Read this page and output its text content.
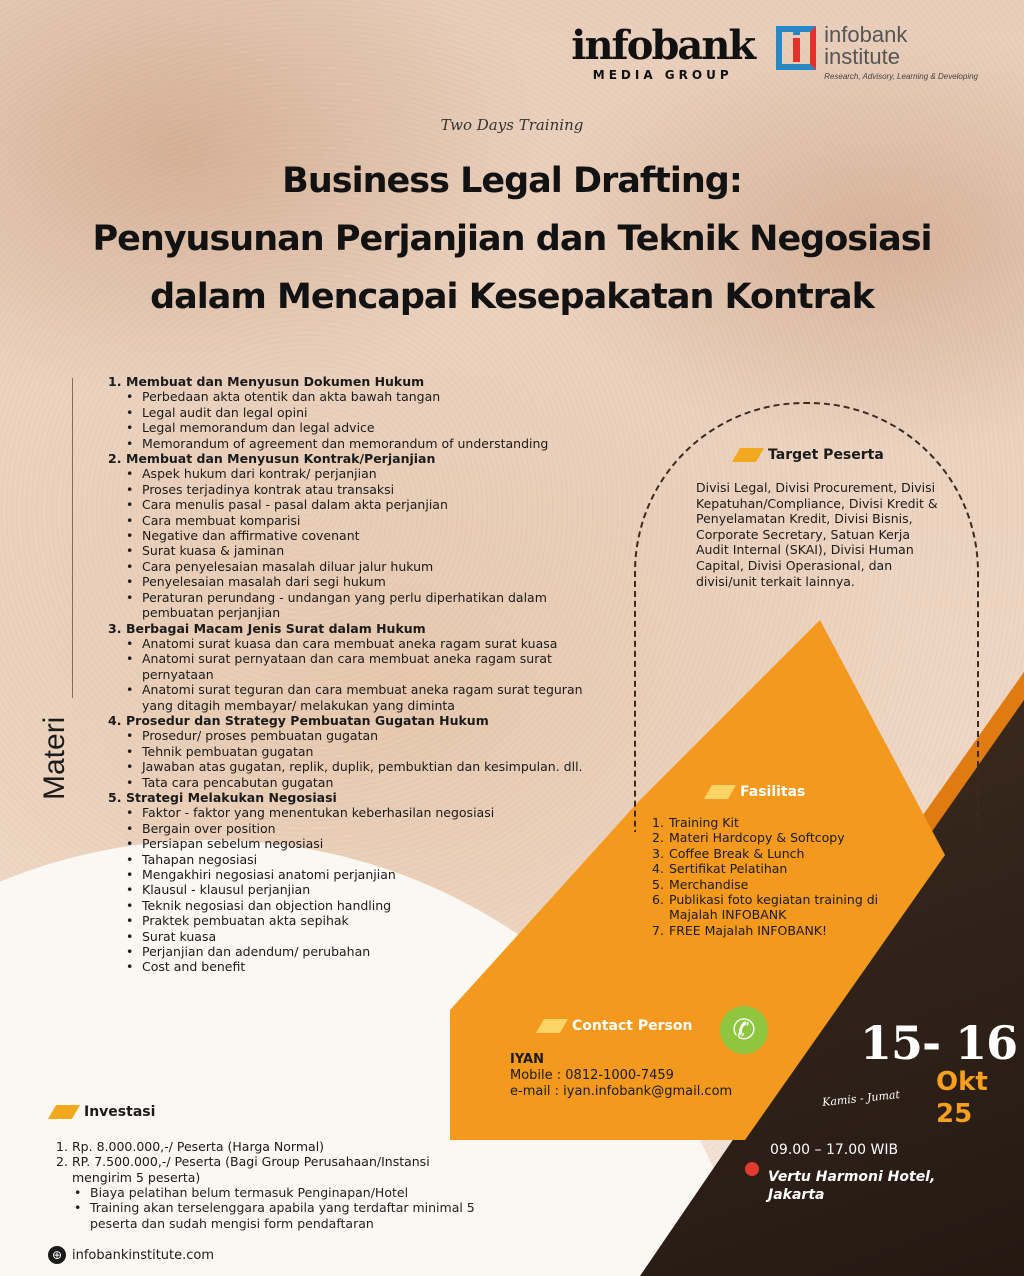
infobank
MEDIA GROUP
infobank
institute
Research, Advisory, Learning & Developing
Two Days Training
Business Legal Drafting:
Penyusunan Perjanjian dan Teknik Negosiasi
dalam Mencapai Kesepakatan Kontrak
Materi
1. Membuat dan Menyusun Dokumen Hukum
• Perbedaan akta otentik dan akta bawah tangan
• Legal audit dan legal opini
• Legal memorandum dan legal advice
• Memorandum of agreement dan memorandum of understanding
2. Membuat dan Menyusun Kontrak/Perjanjian
• Aspek hukum dari kontrak/ perjanjian
• Proses terjadinya kontrak atau transaksi
• Cara menulis pasal - pasal dalam akta perjanjian
• Cara membuat komparisi
• Negative dan affirmative covenant
• Surat kuasa & jaminan
• Cara penyelesaian masalah diluar jalur hukum
• Penyelesaian masalah dari segi hukum
• Peraturan perundang - undangan yang perlu diperhatikan dalam pembuatan perjanjian
3. Berbagai Macam Jenis Surat dalam Hukum
• Anatomi surat kuasa dan cara membuat aneka ragam surat kuasa
• Anatomi surat pernyataan dan cara membuat aneka ragam surat pernyataan
• Anatomi surat teguran dan cara membuat aneka ragam surat teguran yang ditagih membayar/ melakukan yang diminta
4. Prosedur dan Strategy Pembuatan Gugatan Hukum
• Prosedur/ proses pembuatan gugatan
• Tehnik pembuatan gugatan
• Jawaban atas gugatan, replik, duplik, pembuktian dan kesimpulan. dll.
• Tata cara pencabutan gugatan
5. Strategi Melakukan Negosiasi
• Faktor - faktor yang menentukan keberhasilan negosiasi
• Bergain over position
• Persiapan sebelum negosiasi
• Tahapan negosiasi
• Mengakhiri negosiasi anatomi perjanjian
• Klausul - klausul perjanjian
• Teknik negosiasi dan objection handling
• Praktek pembuatan akta sepihak
• Surat kuasa
• Perjanjian dan adendum/ perubahan
• Cost and benefit
Target Peserta
Divisi Legal, Divisi Procurement, Divisi Kepatuhan/Compliance, Divisi Kredit & Penyelamatan Kredit, Divisi Bisnis, Corporate Secretary, Satuan Kerja Audit Internal (SKAI), Divisi Human Capital, Divisi Operasional, dan divisi/unit terkait lainnya.
Fasilitas
1. Training Kit
2. Materi Hardcopy & Softcopy
3. Coffee Break & Lunch
4. Sertifikat Pelatihan
5. Merchandise
6. Publikasi foto kegiatan training di Majalah INFOBANK
7. FREE Majalah INFOBANK!
Contact Person	✆
IYAN
Mobile : 0812-1000-7459
e-mail : iyan.infobank@gmail.com
15- 16
Okt
25
Kamis - Jumat
09.00 – 17.00 WIB
Vertu Harmoni Hotel,
Jakarta
Investasi
1. Rp. 8.000.000,-/ Peserta (Harga Normal)
2. RP. 7.500.000,-/ Peserta (Bagi Group Perusahaan/Instansi mengirim 5 peserta)
• Biaya pelatihan belum termasuk Penginapan/Hotel
• Training akan terselenggara apabila yang terdaftar minimal 5 peserta dan sudah mengisi form pendaftaran
⊕ infobankinstitute.com
